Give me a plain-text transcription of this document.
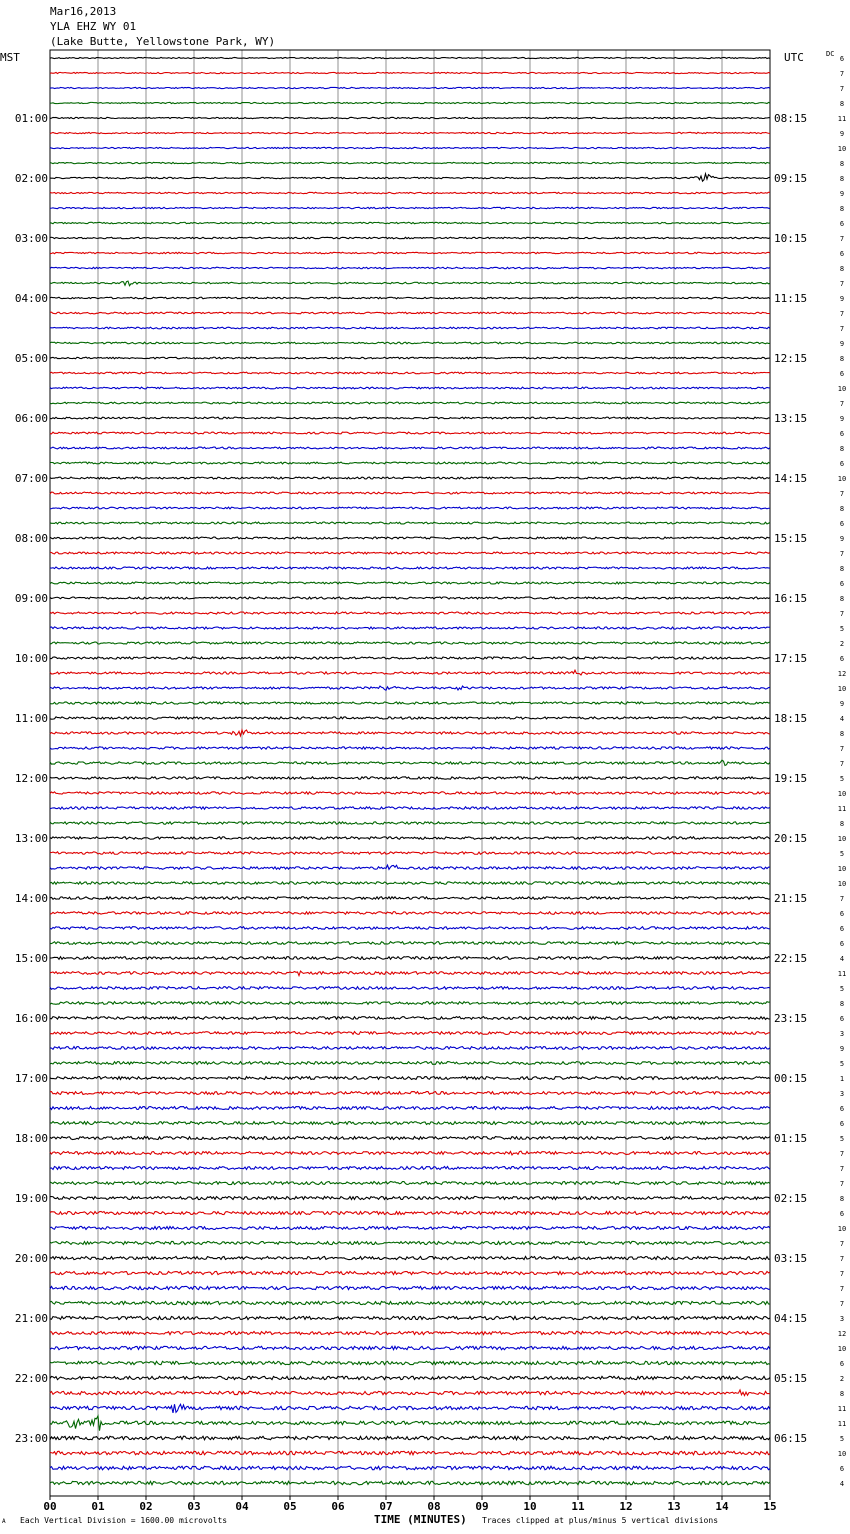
Mar16,2013
YLA EHZ WY 01
(Lake Butte, Yellowstone Park, WY)
MST	UTC	DC
01:00
02:00
03:00
04:00
05:00
06:00
07:00
08:00
09:00
10:00
11:00
12:00
13:00
14:00
15:00
16:00
17:00
18:00
19:00
20:00
21:00
22:00
23:00
08:15
09:15
10:15
11:15
12:15
13:15
14:15
15:15
16:15
17:15
18:15
19:15
20:15
21:15
22:15
23:15
00:15
01:15
02:15
03:15
04:15
05:15
06:15
6
7
7
8
11
9
10
8
8
9
8
6
7
6
8
7
9
7
7
9
8
6
10
7
9
6
8
6
10
7
8
6
9
7
8
6
8
7
5
2
6
12
10
9
4
8
7
7
5
10
11
8
10
5
10
10
7
6
6
6
4
11
5
8
6
3
9
5
1
3
6
6
5
7
7
7
8
6
10
7
7
7
7
7
3
12
10
6
2
8
11
11
5
10
6
4
00	01	02	03	04	05	06	07	08	09	10	11	12	13	14	15
A Each Vertical Division = 1600.00 microvolts	TIME (MINUTES) Traces clipped at plus/minus 5 vertical divisions
